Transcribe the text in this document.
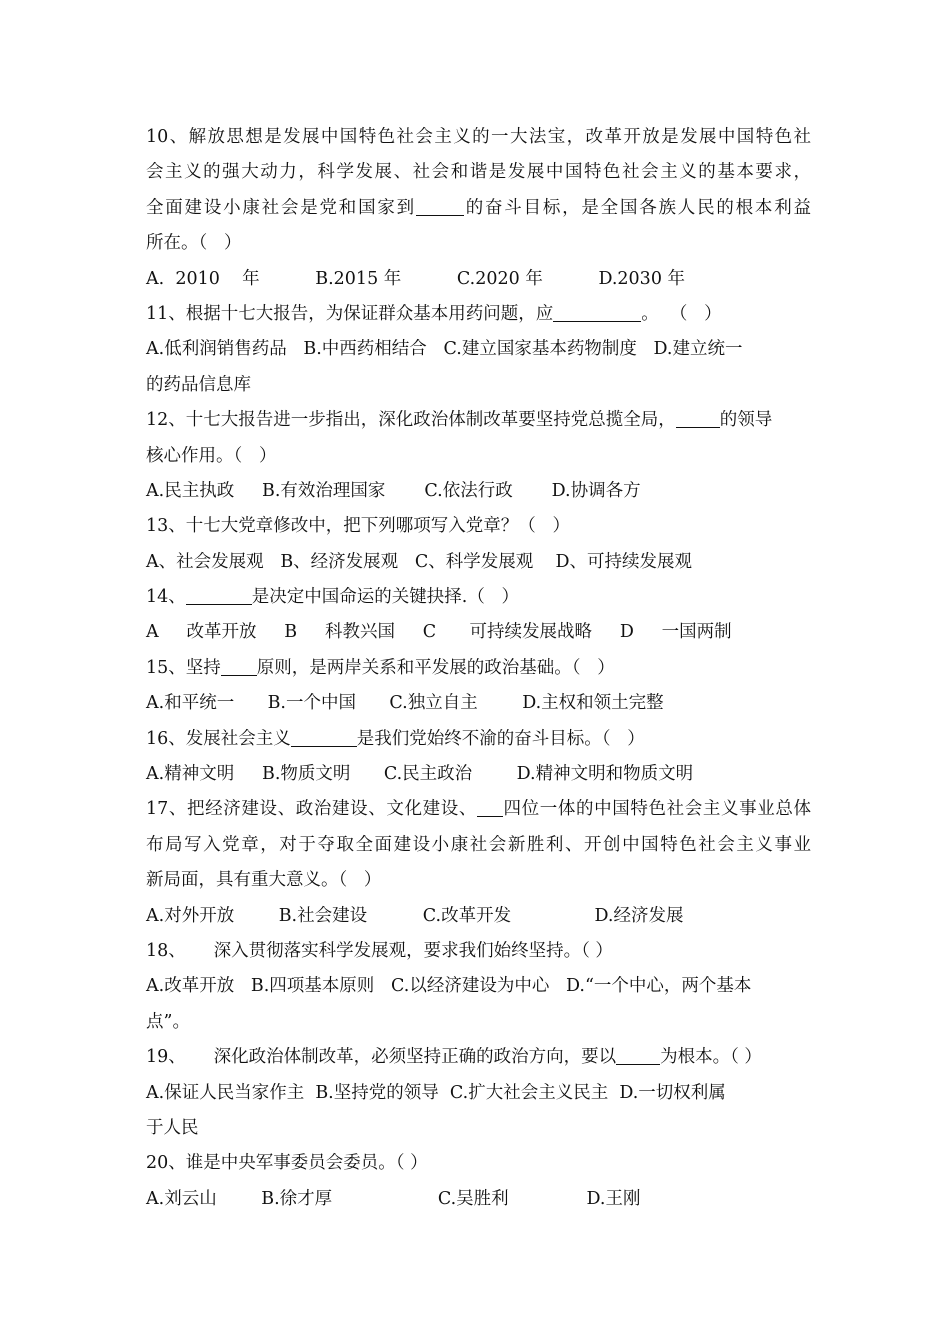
10、解放思想是发展中国特色社会主义的一大法宝，改革开放是发展中国特色社
会主义的强大动力，科学发展、社会和谐是发展中国特色社会主义的基本要求，
全面建设小康社会是党和国家到	的奋斗目标，是全国各族人民的根本利益
所在。（   ）
A.  2010    年          B.2015 年          C.2020 年          D.2030 年
11、根据十七大报告，为保证群众基本用药问题，应	。  （   ）
A.低利润销售药品   B.中西药相结合   C.建立国家基本药物制度   D.建立统一
的药品信息库
12、十七大报告进一步指出，深化政治体制改革要坚持党总揽全局，	的领导
核心作用。（   ）
A.民主执政     B.有效治理国家       C.依法行政       D.协调各方
13、十七大党章修改中，把下列哪项写入党章？（   ）
A、社会发展观   B、经济发展观   C、科学发展观    D、可持续发展观
14、	是决定中国命运的关键抉择.（   ）
A     改革开放     B     科教兴国     C      可持续发展战略     D     一国两制
15、坚持 原则，是两岸关系和平发展的政治基础。（   ）
A.和平统一      B.一个中国      C.独立自主        D.主权和领土完整
16、发展社会主义	是我们党始终不渝的奋斗目标。（   ）
A.精神文明     B.物质文明      C.民主政治        D.精神文明和物质文明
17、把经济建设、政治建设、文化建设、 四位一体的中国特色社会主义事业总体
布局写入党章，对于夺取全面建设小康社会新胜利、开创中国特色社会主义事业
新局面，具有重大意义。（   ）
A.对外开放        B.社会建设          C.改革开发               D.经济发展
18、     深入贯彻落实科学发展观，要求我们始终坚持。（ ）
A.改革开放   B.四项基本原则   C.以经济建设为中心   D.“一个中心，两个基本
点”。
19、     深化政治体制改革，必须坚持正确的政治方向，要以	为根本。（ ）
A.保证人民当家作主  B.坚持党的领导  C.扩大社会主义民主  D.一切权利属
于人民
20、谁是中央军事委员会委员。（ ）
A.刘云山        B.徐才厚                   C.吴胜利              D.王刚
